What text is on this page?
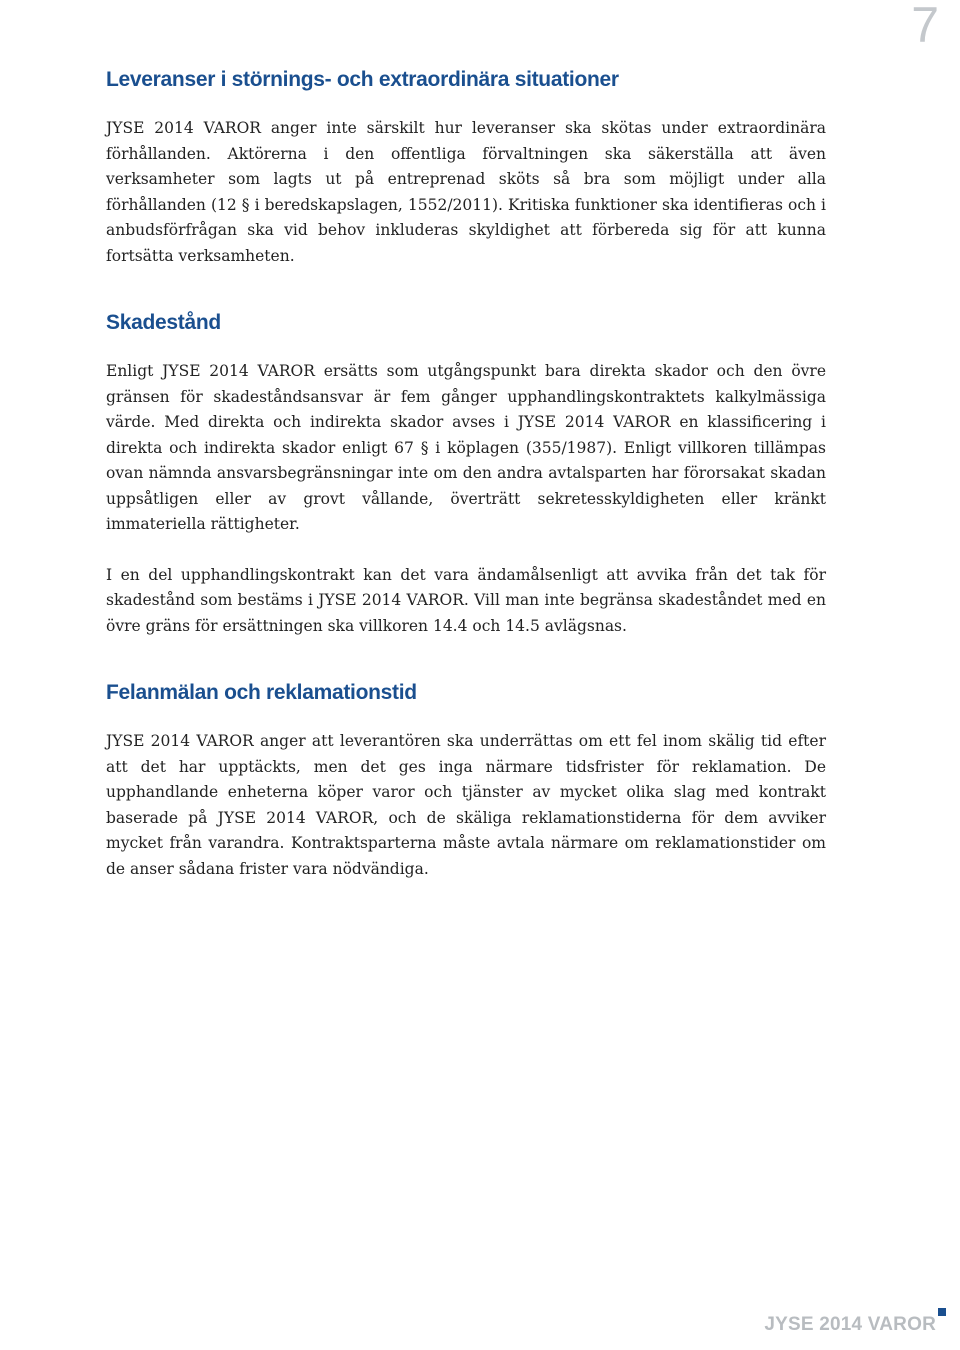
7
Leveranser i störnings- och extraordinära situationer

JYSE 2014 VAROR anger inte särskilt hur leveranser ska skötas under extraordinära förhållanden. Aktörerna i den offentliga förvaltningen ska säkerställa att även verksamheter som lagts ut på entreprenad sköts så bra som möjligt under alla förhållanden (12 § i beredskapslagen, 1552/2011). Kritiska funktioner ska identifieras och i anbudsförfrågan ska vid behov inkluderas skyldighet att förbereda sig för att kunna fortsätta verksamheten.

Skadestånd

Enligt JYSE 2014 VAROR ersätts som utgångspunkt bara direkta skador och den övre gränsen för skadeståndsansvar är fem gånger upphandlingskontraktets kalkylmässiga värde. Med direkta och indirekta skador avses i JYSE 2014 VAROR en klassificering i direkta och indirekta skador enligt 67 § i köplagen (355/1987). Enligt villkoren tillämpas ovan nämnda ansvarsbegränsningar inte om den andra avtalsparten har förorsakat skadan uppsåtligen eller av grovt vållande, överträtt sekretesskyldigheten eller kränkt immateriella rättigheter.

I en del upphandlingskontrakt kan det vara ändamålsenligt att avvika från det tak för skadestånd som bestäms i JYSE 2014 VAROR. Vill man inte begränsa skadeståndet med en övre gräns för ersättningen ska villkoren 14.4 och 14.5 avlägsnas.

Felanmälan och reklamationstid

JYSE 2014 VAROR anger att leverantören ska underrättas om ett fel inom skälig tid efter att det har upptäckts, men det ges inga närmare tidsfrister för reklamation. De upphandlande enheterna köper varor och tjänster av mycket olika slag med kontrakt baserade på JYSE 2014 VAROR, och de skäliga reklamationstiderna för dem avviker mycket från varandra. Kontraktsparterna måste avtala närmare om reklamationstider om de anser sådana frister vara nödvändiga.

JYSE 2014 VAROR
